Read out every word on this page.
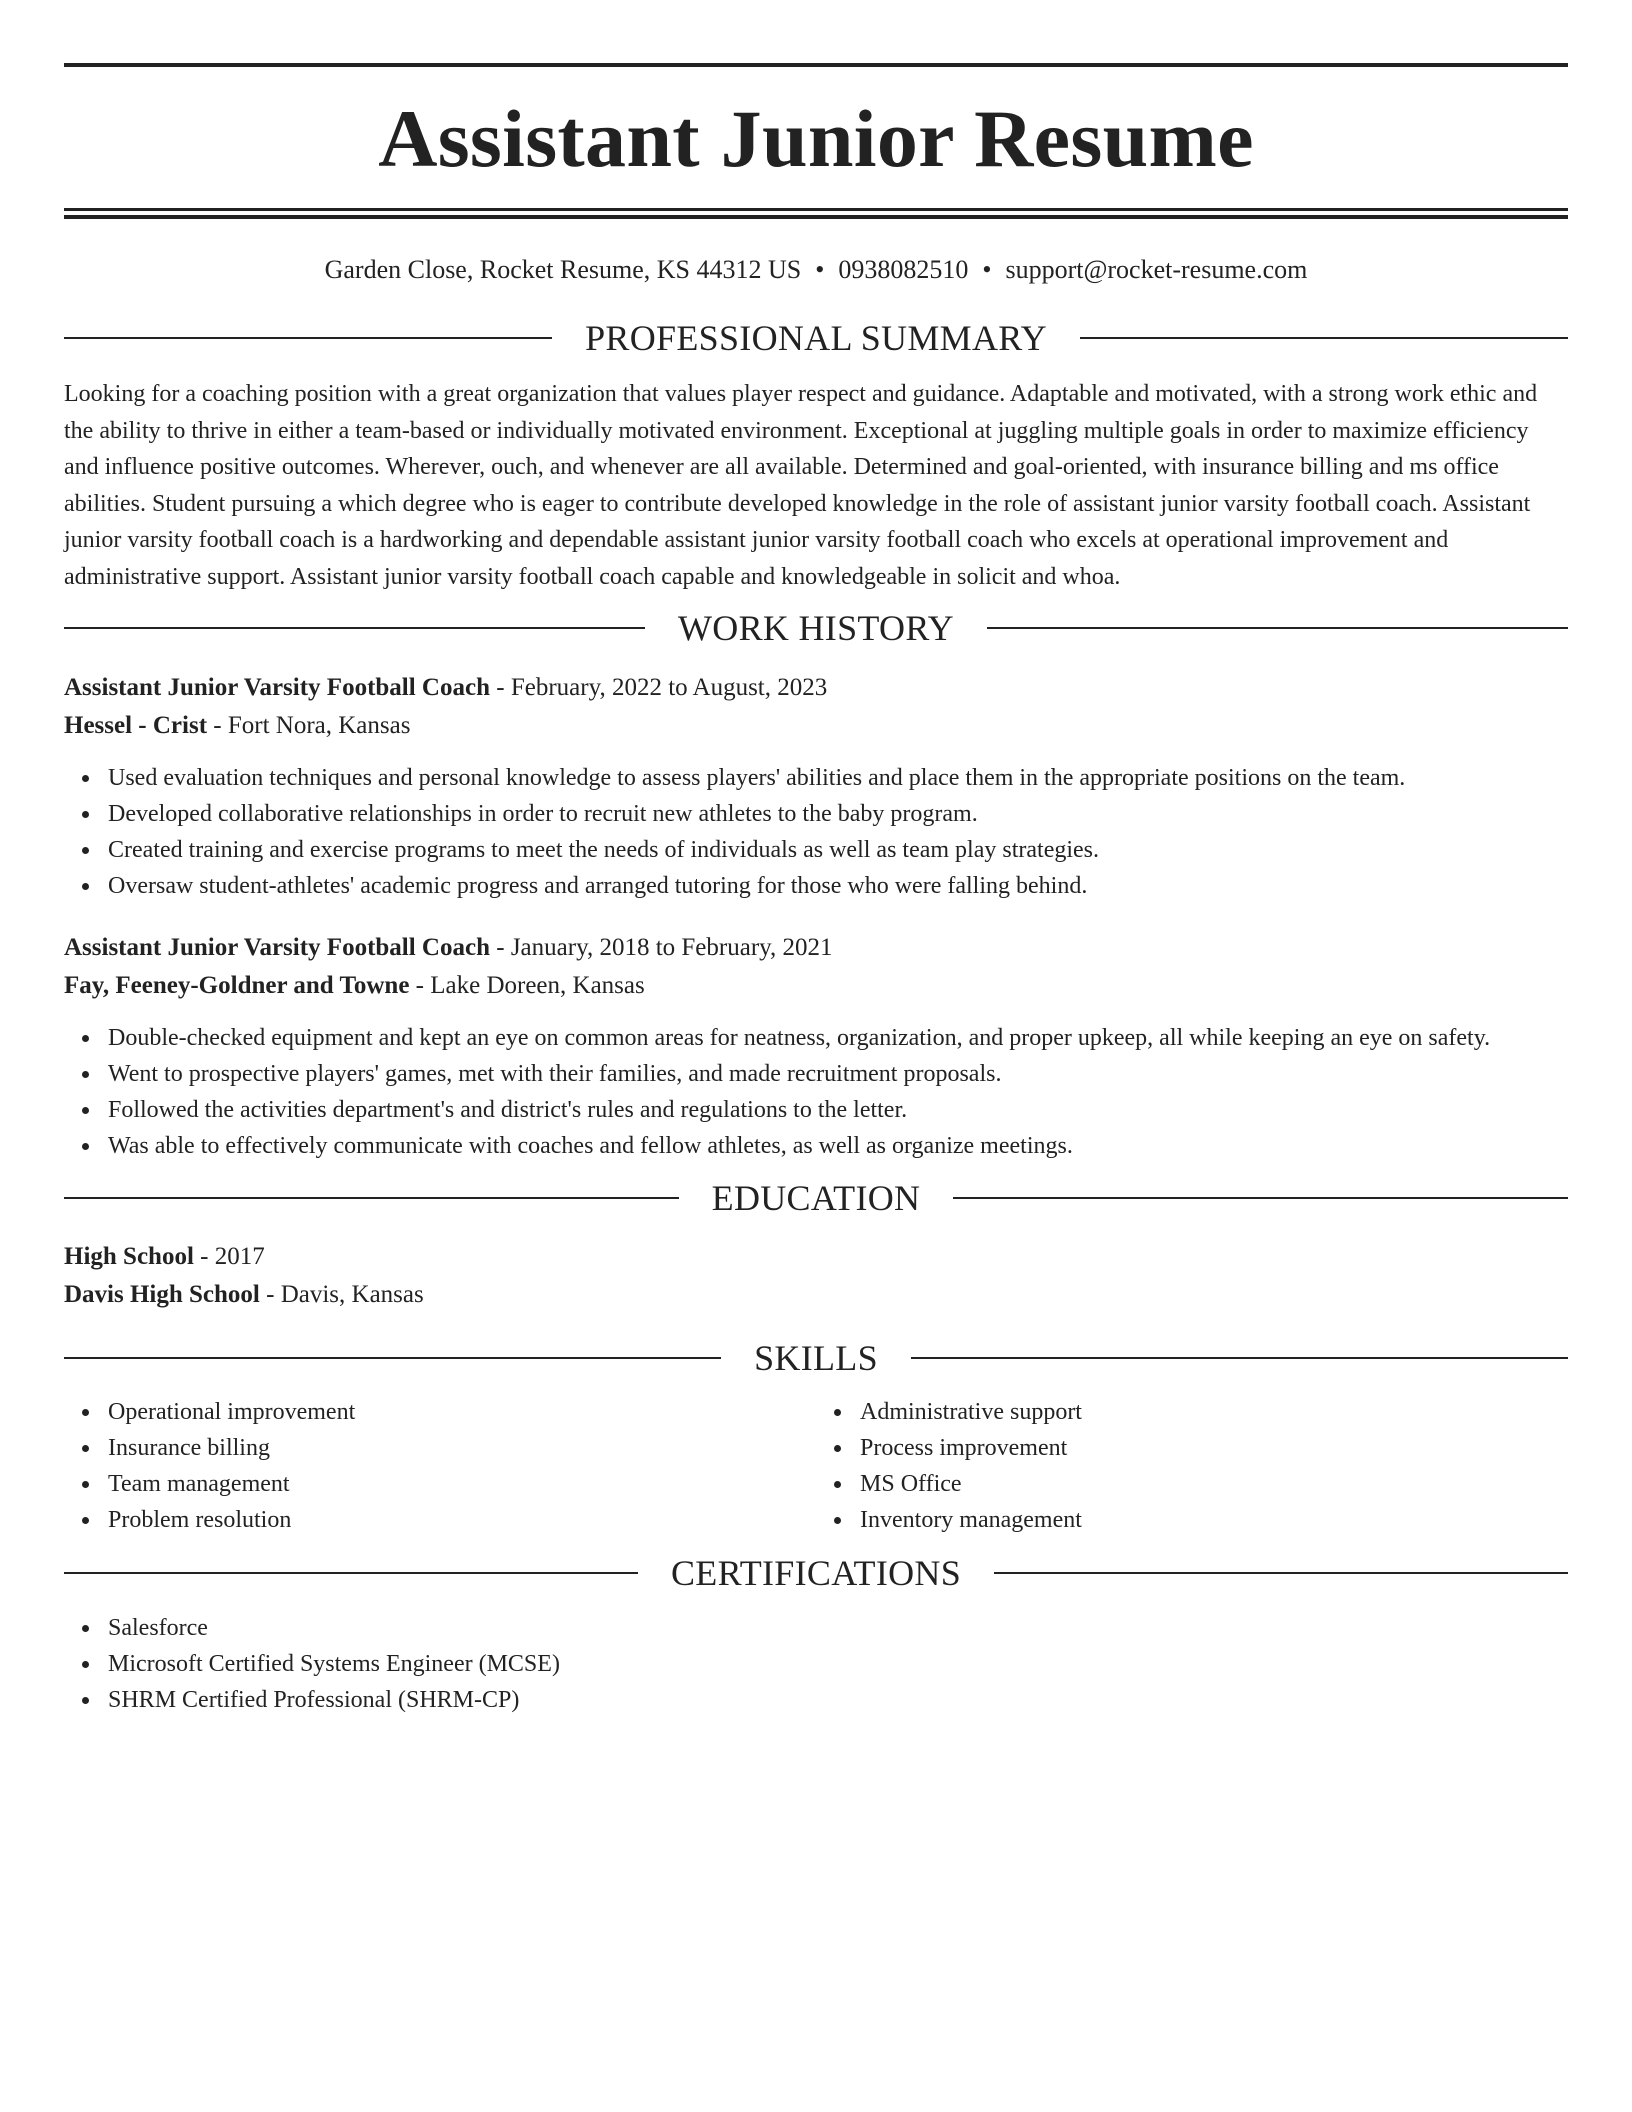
Assistant Junior Resume
Garden Close, Rocket Resume, KS 44312 US • 0938082510 • support@rocket-resume.com
PROFESSIONAL SUMMARY

Looking for a coaching position with a great organization that values player respect and guidance. Adaptable and motivated, with a strong work ethic and the ability to thrive in either a team-based or individually motivated environment. Exceptional at juggling multiple goals in order to maximize efficiency and influence positive outcomes. Wherever, ouch, and whenever are all available. Determined and goal-oriented, with insurance billing and ms office abilities. Student pursuing a which degree who is eager to contribute developed knowledge in the role of assistant junior varsity football coach. Assistant junior varsity football coach is a hardworking and dependable assistant junior varsity football coach who excels at operational improvement and administrative support. Assistant junior varsity football coach capable and knowledgeable in solicit and whoa.

WORK HISTORY
Assistant Junior Varsity Football Coach - February, 2022 to August, 2023
Hessel - Crist - Fort Nora, Kansas
Used evaluation techniques and personal knowledge to assess players' abilities and place them in the appropriate positions on the team.
Developed collaborative relationships in order to recruit new athletes to the baby program.
Created training and exercise programs to meet the needs of individuals as well as team play strategies.
Oversaw student-athletes' academic progress and arranged tutoring for those who were falling behind.
Assistant Junior Varsity Football Coach - January, 2018 to February, 2021
Fay, Feeney-Goldner and Towne - Lake Doreen, Kansas
Double-checked equipment and kept an eye on common areas for neatness, organization, and proper upkeep, all while keeping an eye on safety.
Went to prospective players' games, met with their families, and made recruitment proposals.
Followed the activities department's and district's rules and regulations to the letter.
Was able to effectively communicate with coaches and fellow athletes, as well as organize meetings.
EDUCATION
High School - 2017
Davis High School - Davis, Kansas
SKILLS
Operational improvement
Insurance billing
Team management
Problem resolution
Administrative support
Process improvement
MS Office
Inventory management
CERTIFICATIONS
Salesforce
Microsoft Certified Systems Engineer (MCSE)
SHRM Certified Professional (SHRM-CP)
